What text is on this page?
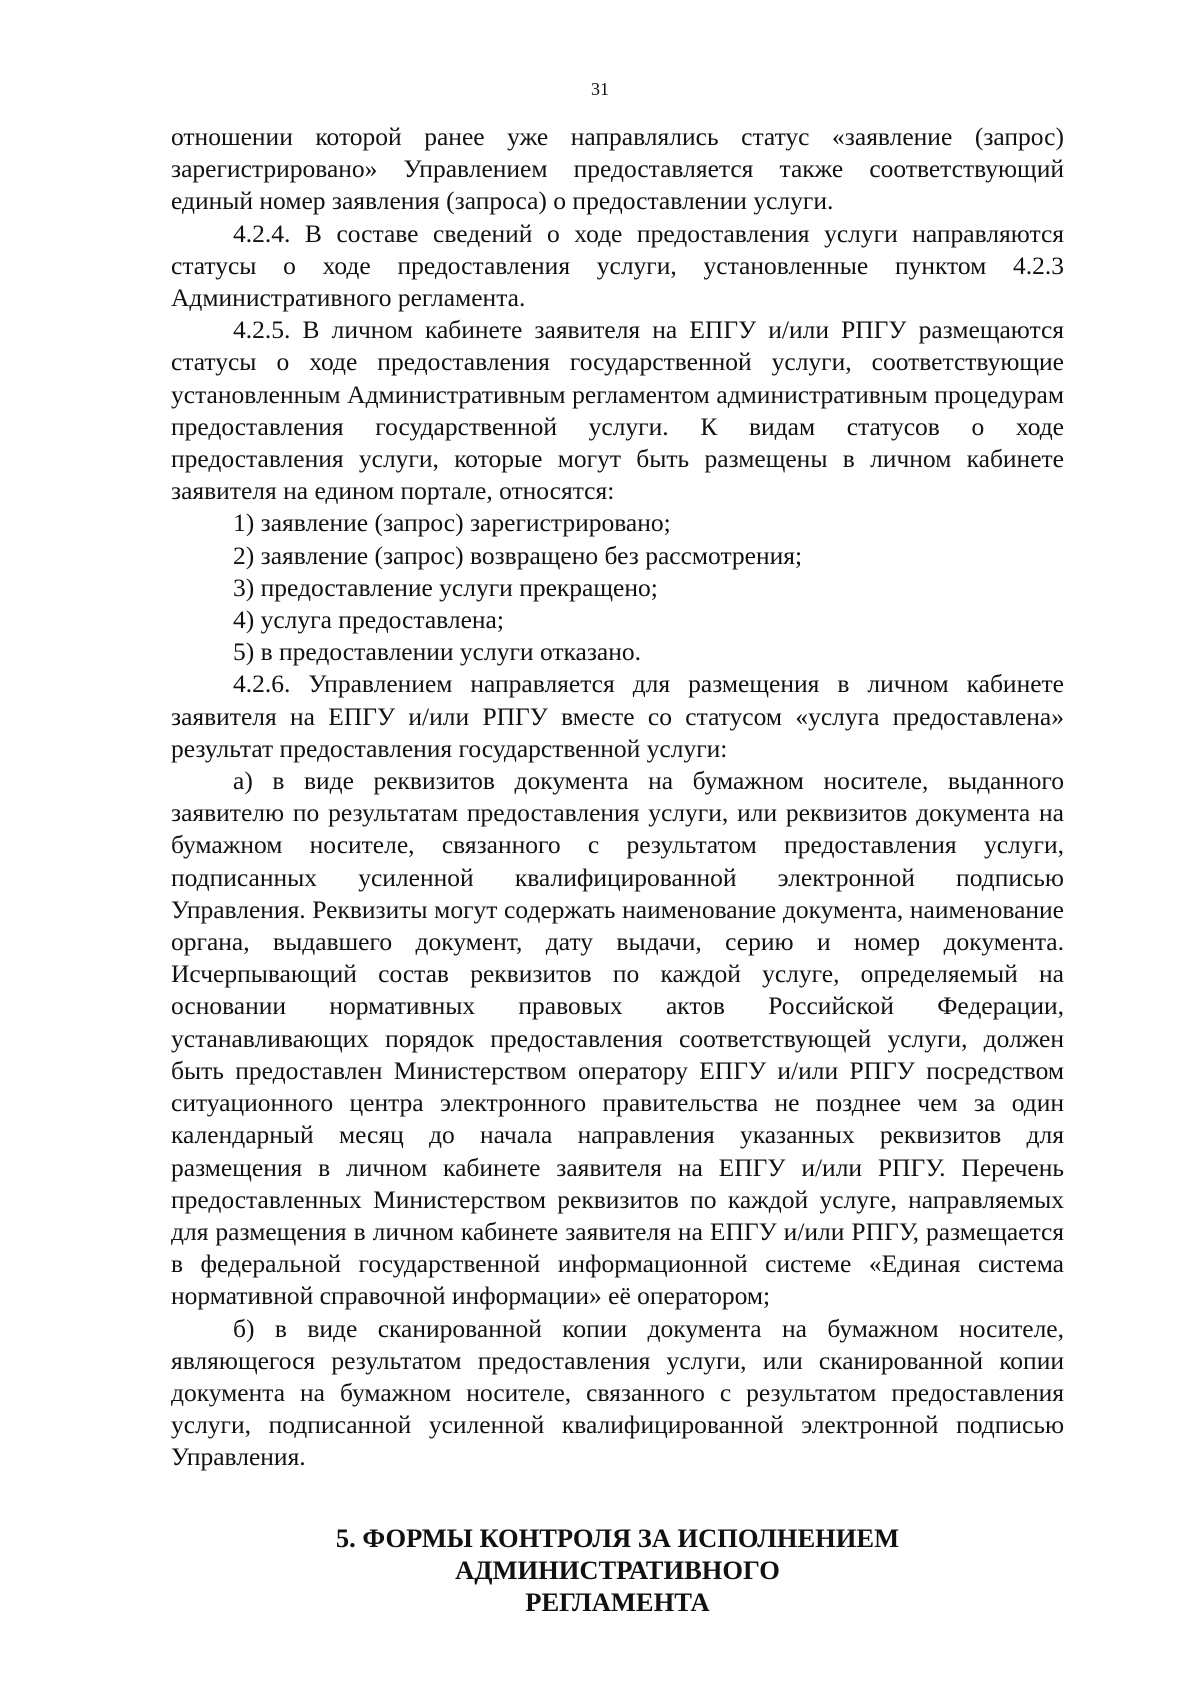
31

отношении которой ранее уже направлялись статус «заявление (запрос) зарегистрировано» Управлением предоставляется также соответствующий единый номер заявления (запроса) о предоставлении услуги.

4.2.4. В составе сведений о ходе предоставления услуги направляются статусы о ходе предоставления услуги, установленные пунктом 4.2.3 Административного регламента.

4.2.5. В личном кабинете заявителя на ЕПГУ и/или РПГУ размещаются статусы о ходе предоставления государственной услуги, соответствующие установленным Административным регламентом административным процедурам предоставления государственной услуги. К видам статусов о ходе предоставления услуги, которые могут быть размещены в личном кабинете заявителя на едином портале, относятся:

1) заявление (запрос) зарегистрировано;

2) заявление (запрос) возвращено без рассмотрения;

3) предоставление услуги прекращено;

4) услуга предоставлена;

5) в предоставлении услуги отказано.

4.2.6. Управлением направляется для размещения в личном кабинете заявителя на ЕПГУ и/или РПГУ вместе со статусом «услуга предоставлена» результат предоставления государственной услуги:

а) в виде реквизитов документа на бумажном носителе, выданного заявителю по результатам предоставления услуги, или реквизитов документа на бумажном носителе, связанного с результатом предоставления услуги, подписанных усиленной квалифицированной электронной подписью Управления. Реквизиты могут содержать наименование документа, наименование органа, выдавшего документ, дату выдачи, серию и номер документа. Исчерпывающий состав реквизитов по каждой услуге, определяемый на основании нормативных правовых актов Российской Федерации, устанавливающих порядок предоставления соответствующей услуги, должен быть предоставлен Министерством оператору ЕПГУ и/или РПГУ посредством ситуационного центра электронного правительства не позднее чем за один календарный месяц до начала направления указанных реквизитов для размещения в личном кабинете заявителя на ЕПГУ и/или РПГУ. Перечень предоставленных Министерством реквизитов по каждой услуге, направляемых для размещения в личном кабинете заявителя на ЕПГУ и/или РПГУ, размещается в федеральной государственной информационной системе «Единая система нормативной справочной информации» её оператором;

б) в виде сканированной копии документа на бумажном носителе, являющегося результатом предоставления услуги, или сканированной копии документа на бумажном носителе, связанного с результатом предоставления услуги, подписанной усиленной квалифицированной электронной подписью Управления.

5. ФОРМЫ КОНТРОЛЯ ЗА ИСПОЛНЕНИЕМ АДМИНИСТРАТИВНОГО
РЕГЛАМЕНТА
